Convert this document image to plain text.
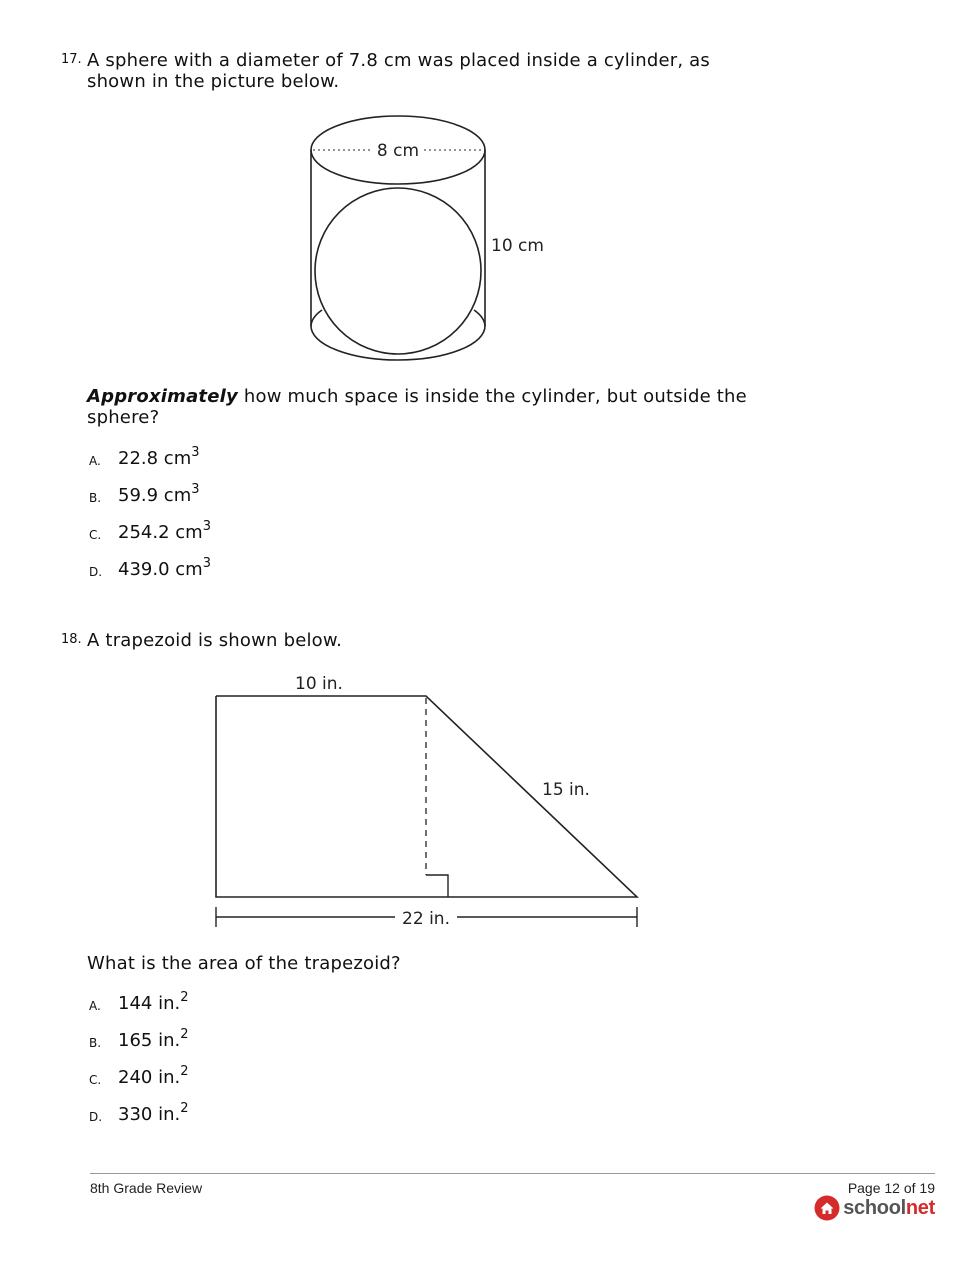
17. A sphere with a diameter of 7.8 cm was placed inside a cylinder, as
shown in the picture below.
8 cm
10 cm
Approximately how much space is inside the cylinder, but outside the
sphere?
A. 22.8 $cm^3$
B. 59.9 $cm^3$
C. 254.2 $cm^3$
D. 439.0 $cm^3$
18. A trapezoid is shown below.
10 in.
15 in.
22 in.
What is the area of the trapezoid?
A. 144 in.$^2$
B. 165 in.$^2$
C. 240 in.$^2$
D. 330 in.$^2$
8th Grade Review	Page 12 of 19
school net
